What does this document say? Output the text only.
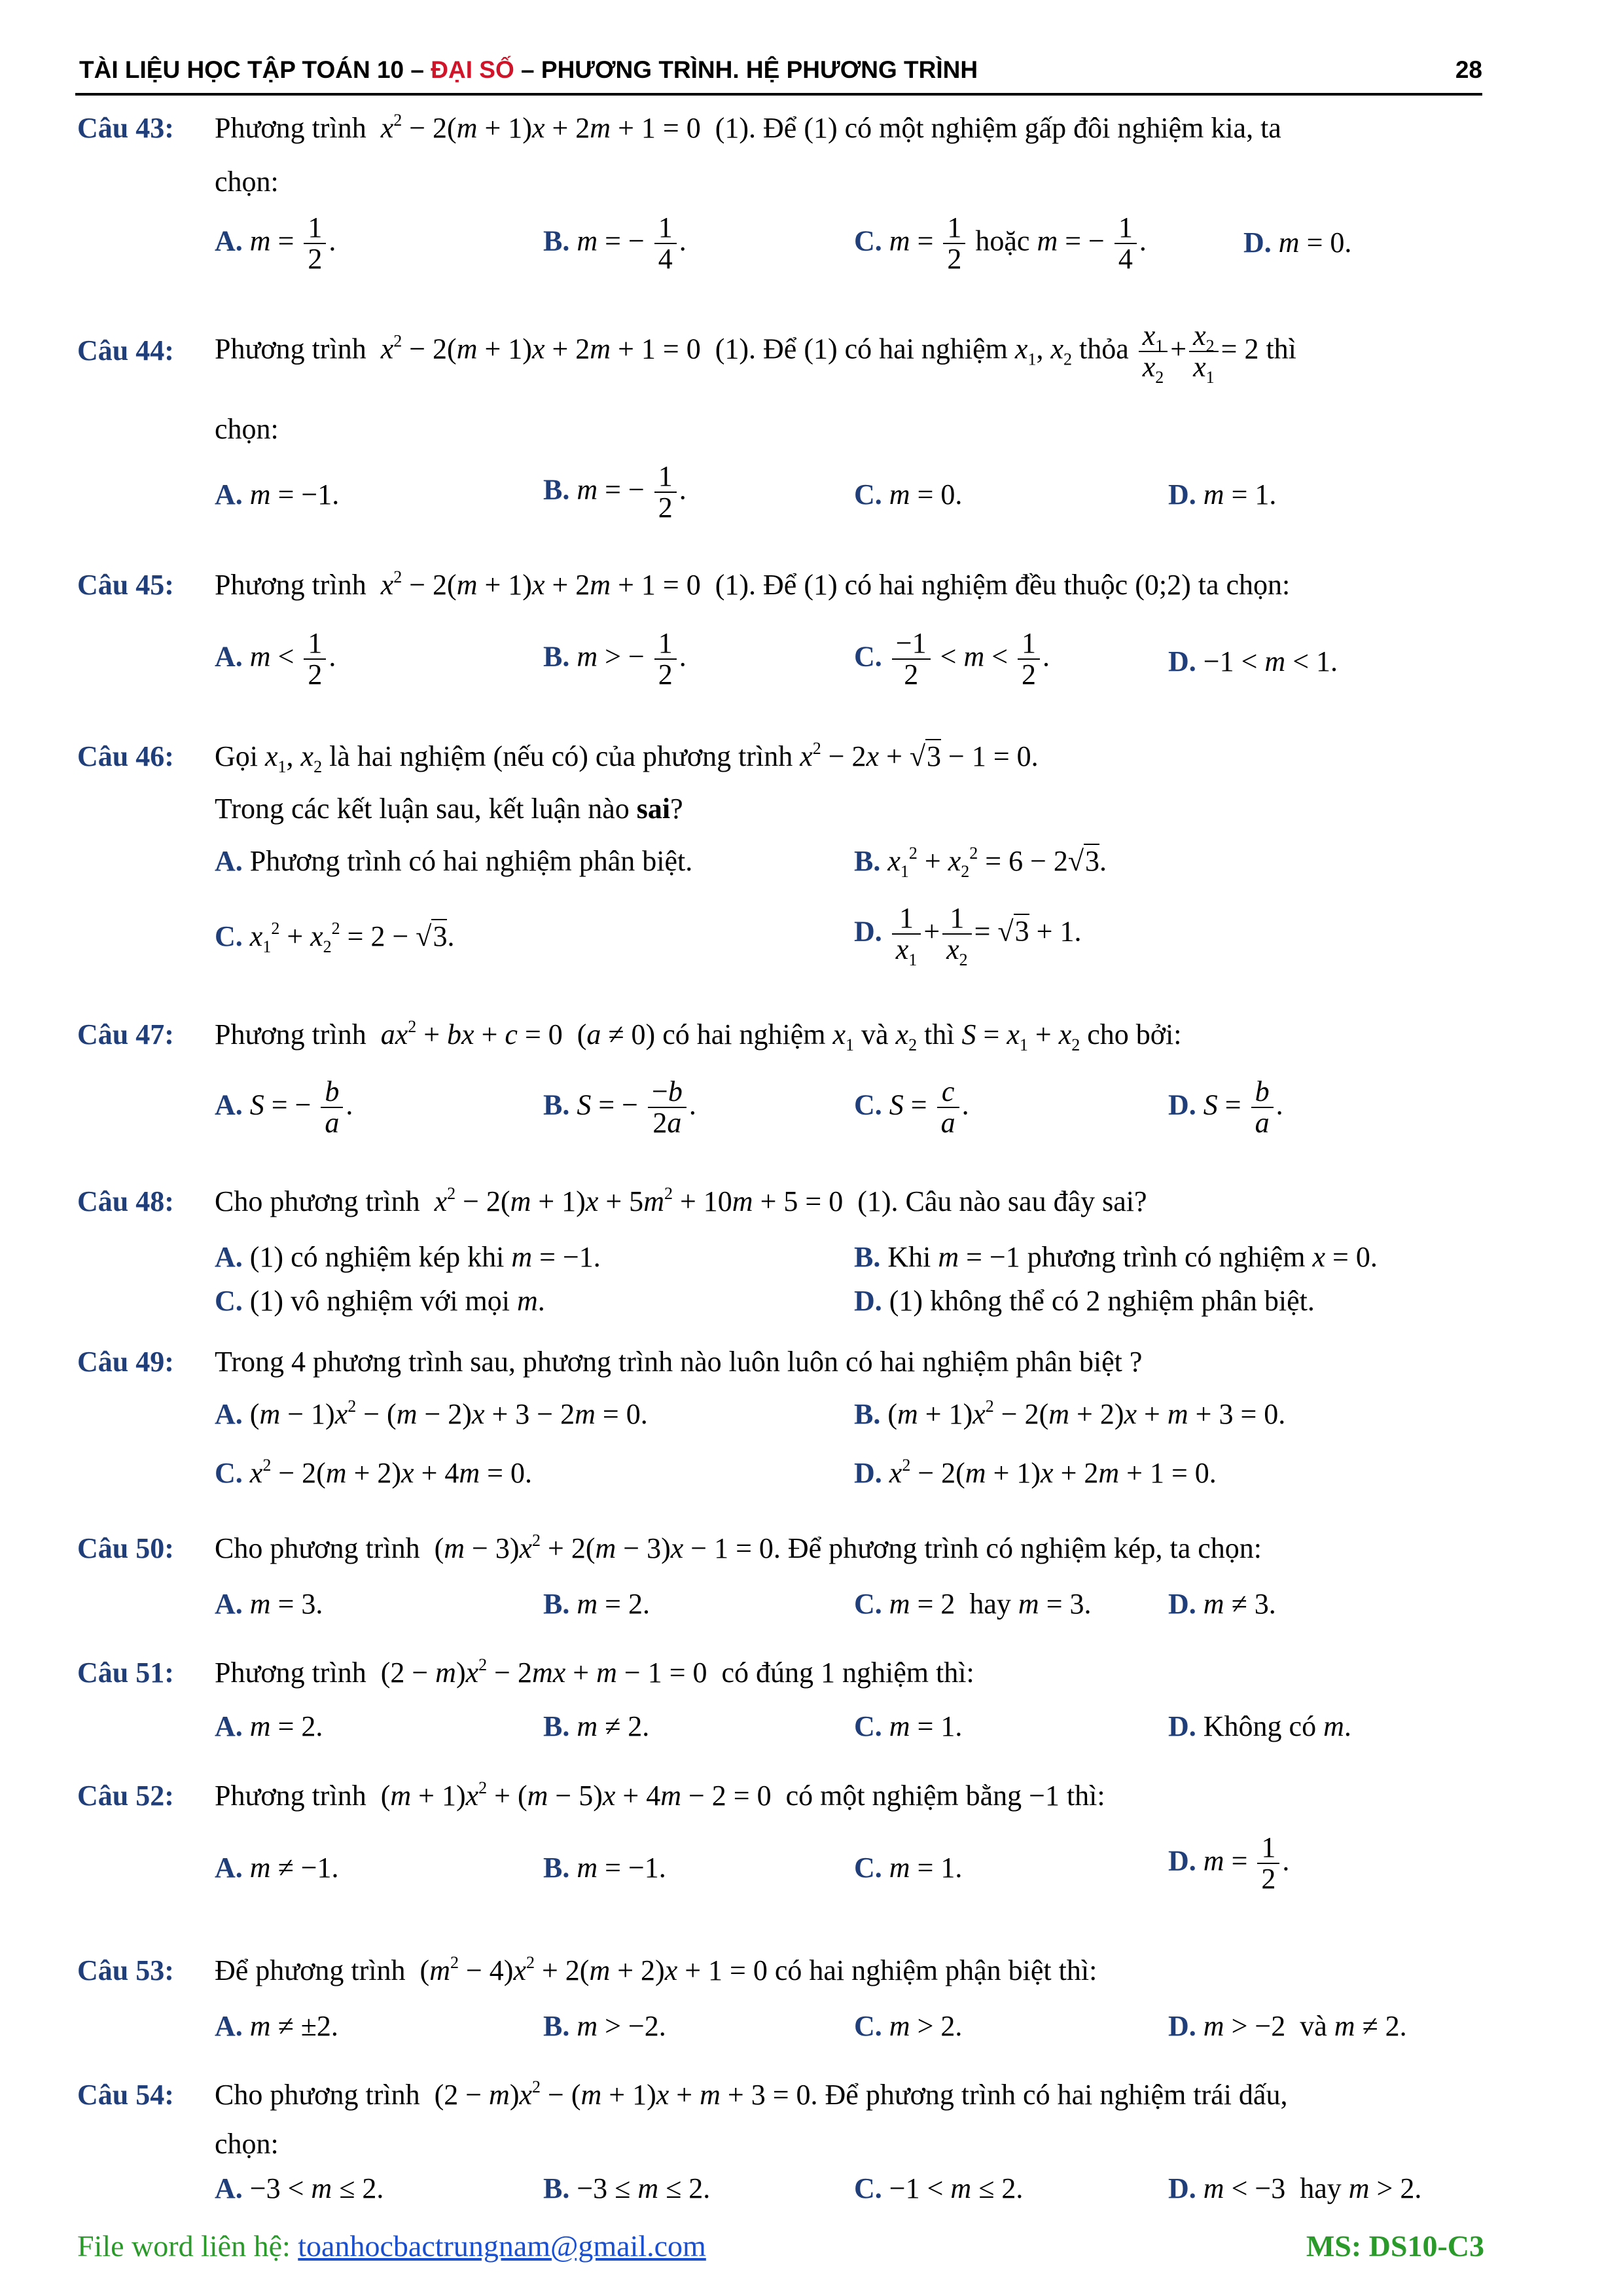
TÀI LIỆU HỌC TẬP TOÁN 10 – ĐẠI SỐ – PHƯƠNG TRÌNH. HỆ PHƯƠNG TRÌNH	28
Câu 43: Phương trình $x^2 - 2(m + 1)x + 2m + 1 = 0$  (1). Để (1) có một nghiệm gấp đôi nghiệm kia, ta
chọn:
A. $m = \frac{1}{2}$ .	B. m = − $\frac{1}{4}$ .	C. $m = \frac{1}{2}$ hoặc m = − $\frac{1}{4}$ .	D. m = 0.
Câu 44: Phương trình $x^2 - 2(m + 1)x + 2m + 1 = 0$  (1). Để (1) có hai nghiệm $x_1$, $x_2$ thỏa $\frac{x_1}{x_2} + \frac{x_2}{x_1} = 2$ thì
chọn:
A. m = −1.	B. m = − $\frac{1}{2}$ .	C. m = 0.	D. m = 1.
Câu 45: Phương trình $x^2 - 2(m + 1)x + 2m + 1 = 0$  (1). Để (1) có hai nghiệm đều thuộc (0;2) ta chọn:
A. $m < \frac{1}{2}$ .	B. m > − $\frac{1}{2}$ .	C. $\frac{-1}{2} < m < \frac{1}{2}$ .	D. −1 < m < 1.
Câu 46: Gọi $x_1$, $x_2$ là hai nghiệm (nếu có) của phương trình $x^2 - 2x + √3 - 1 = 0$.
Trong các kết luận sau, kết luận nào sai?
A. Phương trình có hai nghiệm phân biệt.	B. $x_1^2 + x_2^2 = 6 - 2√3$.
C. $x_1^2 + x_2^2 = 2 - √3$.	D. $\frac{1}{x_1} + \frac{1}{x_2} = √3 + 1$.
Câu 47: Phương trình $ax^2$ + bx + c = 0  (a ≠ 0) có hai nghiệm $x_1$ và $x_2$ thì $S = x_1 + x_2$ cho bởi:
A. S = − $\frac{b}{a}$ .	B. S = − $\frac{-b}{2a}$ .	C. $S = \frac{c}{a}$ .	D. $S = \frac{b}{a}$ .
Câu 48: Cho phương trình $x^2 - 2(m + 1)x + 5m^2 + 10m + 5 = 0$  (1). Câu nào sau đây sai?
A. (1) có nghiệm kép khi m = −1.	B. Khi m = −1 phương trình có nghiệm x = 0.
C. (1) vô nghiệm với mọi m.	D. (1) không thể có 2 nghiệm phân biệt.
Câu 49: Trong 4 phương trình sau, phương trình nào luôn luôn có hai nghiệm phân biệt ?
A. $(m - 1)x^2 - (m - 2)x + 3 - 2m = 0$.	B. $(m + 1)x^2 - 2(m + 2)x + m + 3 = 0$.
C. $x^2 - 2(m + 2)x + 4m = 0$.	D. $x^2 - 2(m + 1)x + 2m + 1 = 0$.
Câu 50: Cho phương trình  $(m - 3)x^2 + 2(m - 3)x - 1 = 0$. Để phương trình có nghiệm kép, ta chọn:
A. m = 3.	B. m = 2.	C. m = 2  hay m = 3.	D. m ≠ 3.
Câu 51: Phương trình  $(2 - m)x^2 - 2mx + m - 1 = 0$  có đúng 1 nghiệm thì:
A. m = 2.	B. m ≠ 2.	C. m = 1.	D. Không có m.
Câu 52: Phương trình  $(m + 1)x^2 + (m - 5)x + 4m - 2 = 0$  có một nghiệm bằng −1 thì:
A. m ≠ −1.	B. m = −1.	C. m = 1.	D. $m = \frac{1}{2}$ .
Câu 53: Để phương trình  $(m^2 - 4)x^2 + 2(m + 2)x + 1 = 0$ có hai nghiệm phận biệt thì:
A. m ≠ ±2.	B. m > −2.	C. m > 2.	D. m > −2  và m ≠ 2.
Câu 54: Cho phương trình  $(2 - m)x^2 - (m + 1)x + m + 3 = 0$. Để phương trình có hai nghiệm trái dấu,
chọn:
A. −3 < m ≤ 2.	B. −3 ≤ m ≤ 2.	C. −1 < m ≤ 2.	D. m < −3  hay m > 2.
File word liên hệ: toanhocbactrungnam@gmail.com	MS: DS10-C3
